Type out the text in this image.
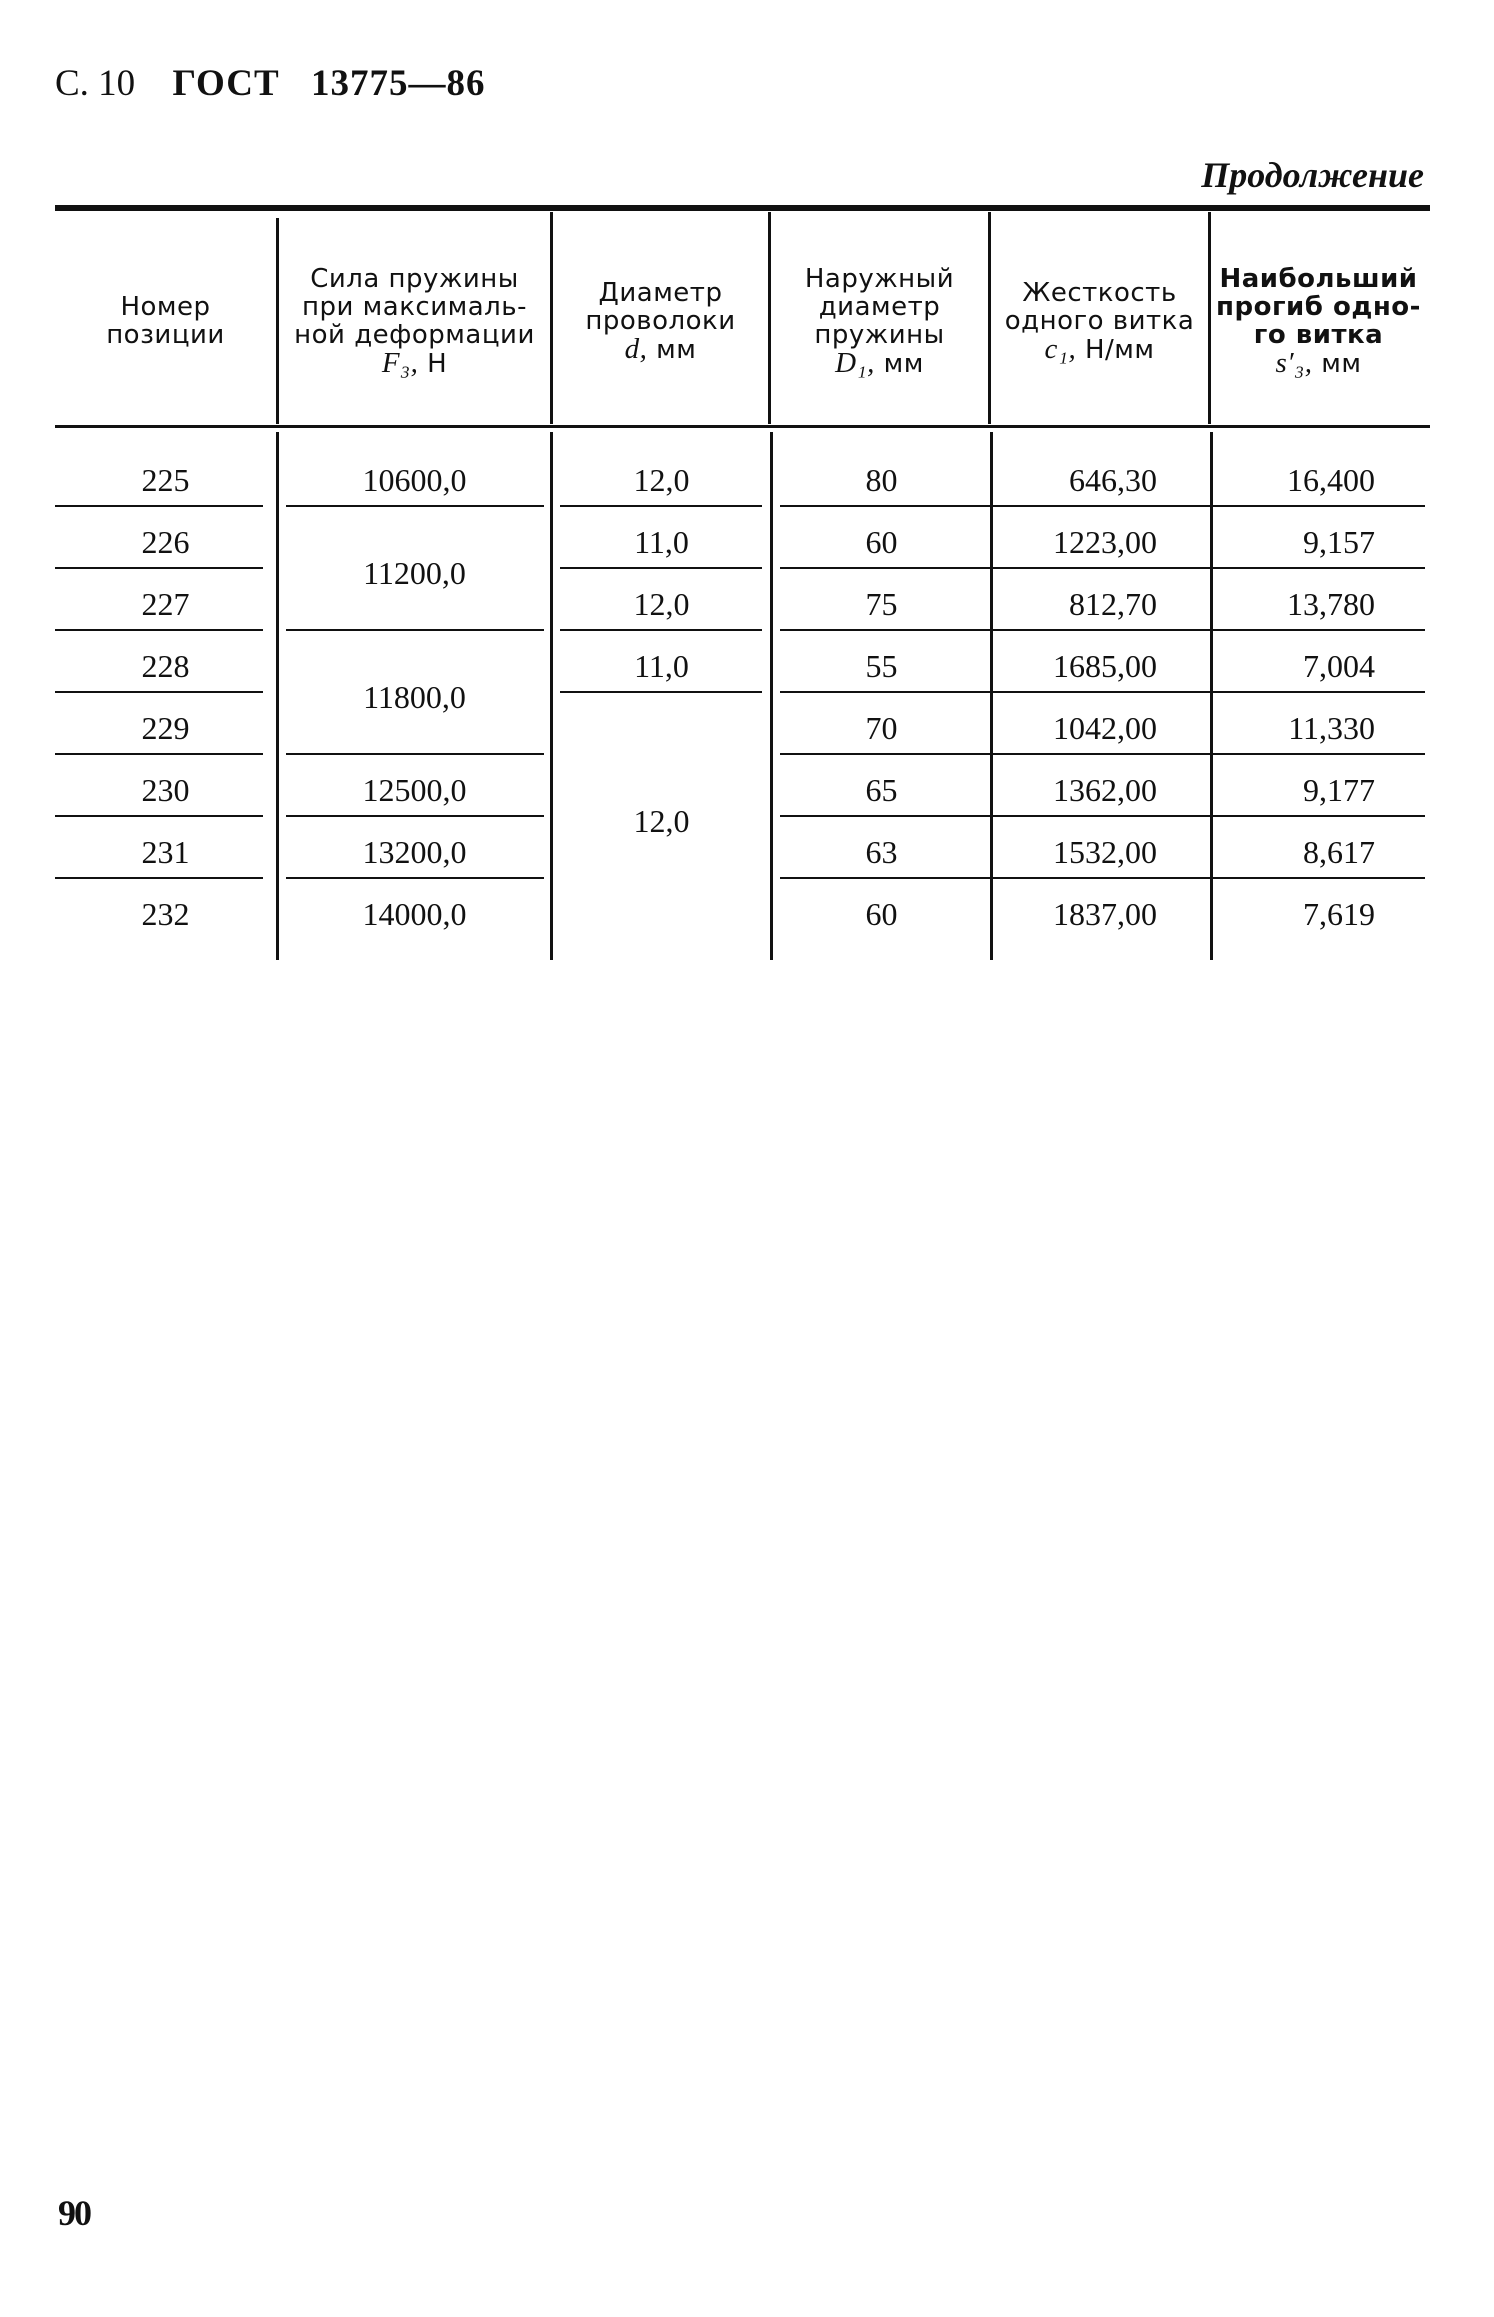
С. 10 ГОСТ 13775—86
Продолжение
Номер
позиции
Сила пружины
при максималь-
ной деформации
F₃, Н
Диаметр
проволоки
d, мм
Наружный
диаметр
пружины
D₁, мм
Жесткость
одного витка
c₁, Н/мм
Наибольший
прогиб одно-
го витка
s′₃, мм
225
226
227
228
229
230
231
232
10600,0
11200,0
11800,0
12500,0
13200,0
14000,0
12,0
11,0
12,0
11,0
12,0
80
60
75
55
70
65
63
60
646,30
1223,00
812,70
1685,00
1042,00
1362,00
1532,00
1837,00
16,400
9,157
13,780
7,004
11,330
9,177
8,617
7,619
90
